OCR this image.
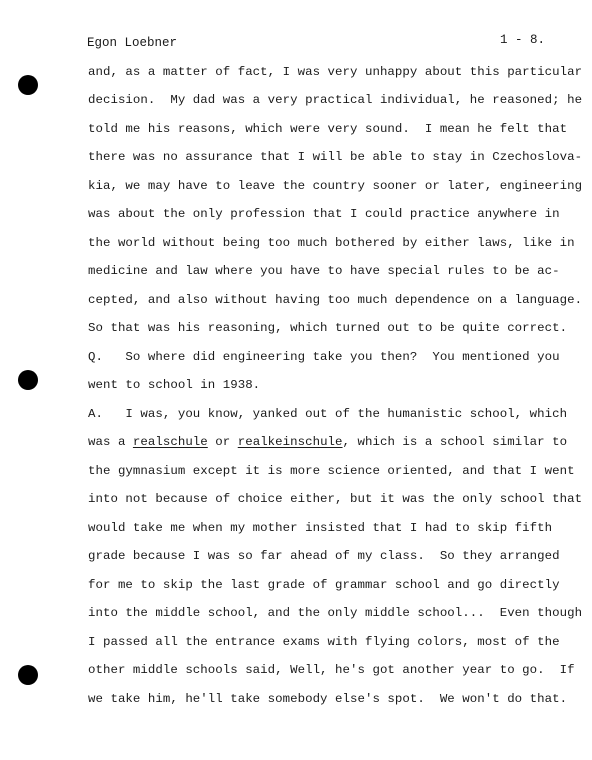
Egon Loebner	1 - 8.
and, as a matter of fact, I was very unhappy about this particular
decision.  My dad was a very practical individual, he reasoned; he
told me his reasons, which were very sound.  I mean he felt that
there was no assurance that I will be able to stay in Czechoslova-
kia, we may have to leave the country sooner or later, engineering
was about the only profession that I could practice anywhere in
the world without being too much bothered by either laws, like in
medicine and law where you have to have special rules to be ac-
cepted, and also without having too much dependence on a language.
So that was his reasoning, which turned out to be quite correct.
Q.   So where did engineering take you then?  You mentioned you
went to school in 1938.
A.   I was, you know, yanked out of the humanistic school, which
was a realschule or realkeinschule, which is a school similar to
the gymnasium except it is more science oriented, and that I went
into not because of choice either, but it was the only school that
would take me when my mother insisted that I had to skip fifth
grade because I was so far ahead of my class.  So they arranged
for me to skip the last grade of grammar school and go directly
into the middle school, and the only middle school...  Even though
I passed all the entrance exams with flying colors, most of the
other middle schools said, Well, he's got another year to go.  If
we take him, he'll take somebody else's spot.  We won't do that.
